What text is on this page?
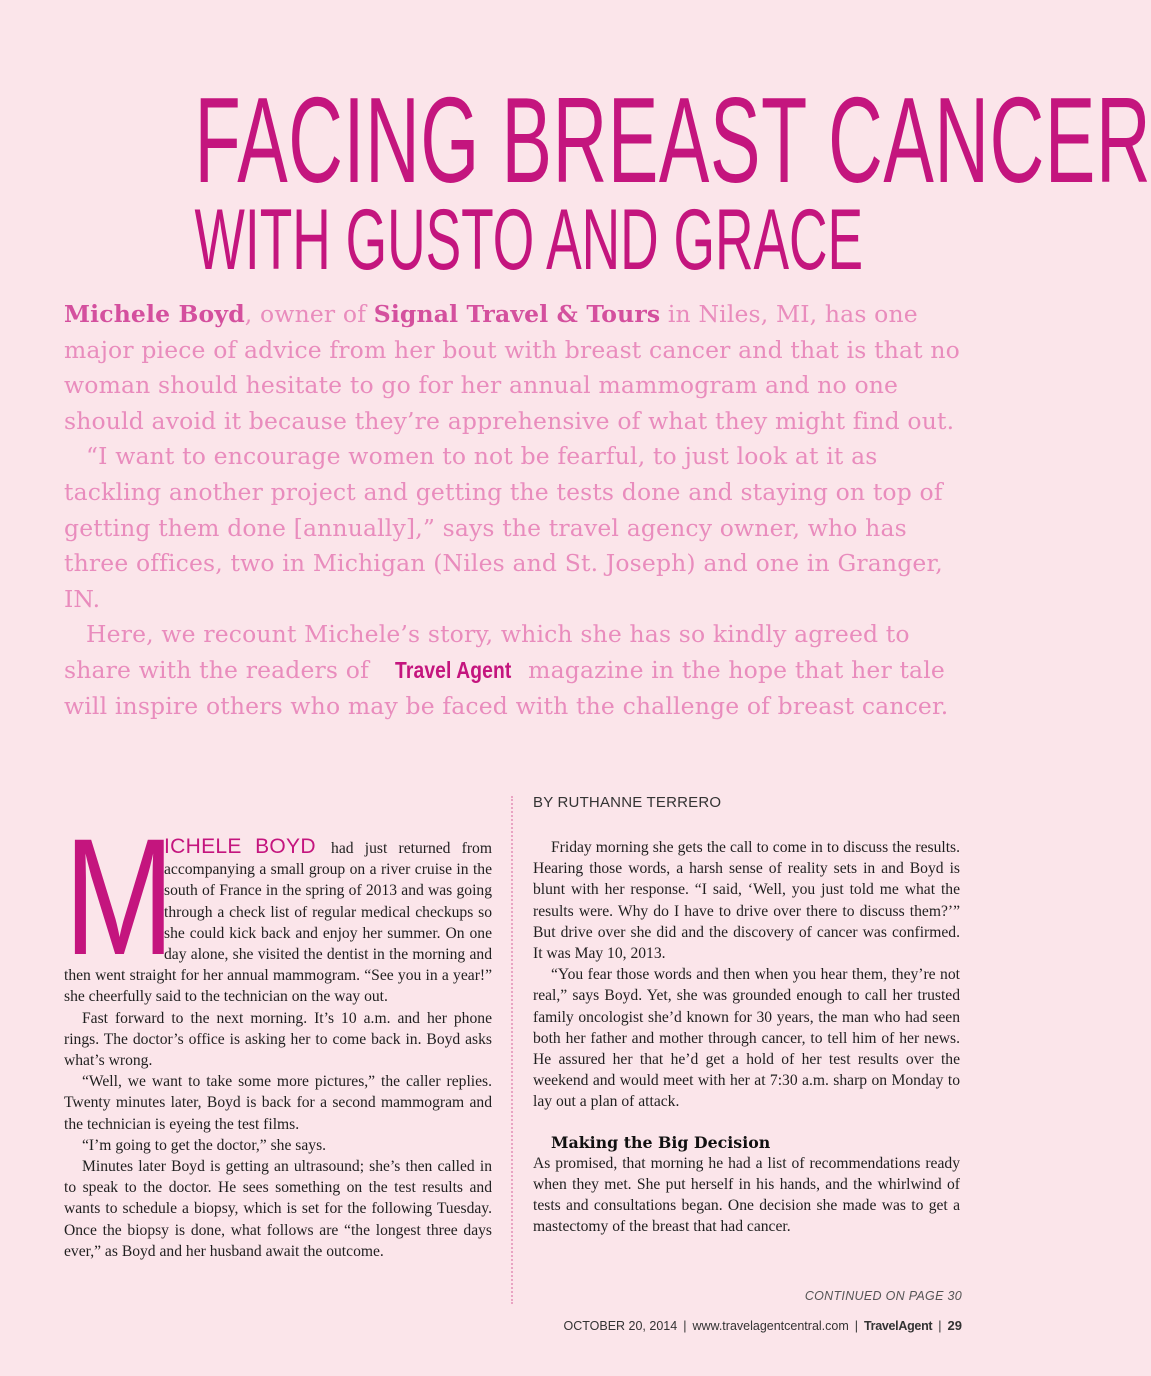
FACING BREAST CANCER
WITH GUSTO AND GRACE

Michele Boyd, owner of Signal Travel & Tours in Niles, MI, has one major piece of advice from her bout with breast cancer and that is that no woman should hesitate to go for her annual mammogram and no one should avoid it because they’re apprehensive of what they might find out.

“I want to encourage women to not be fearful, to just look at it as tackling another project and getting the tests done and staying on top of getting them done [annually],” says the travel agency owner, who has three offices, two in Michigan (Niles and St. Joseph) and one in Granger, IN.

Here, we recount Michele’s story, which she has so kindly agreed to share with the readers of Travel Agent magazine in the hope that her tale will inspire others who may be faced with the challenge of breast cancer.

BY RUTHANNE TERRERO

M
ICHELE BOYD had just returned from accompanying a small group on a river cruise in the south of France in the spring of 2013 and was going through a check list of regular medical checkups so she could kick back and enjoy her summer. On one day alone, she visited the dentist in the morning and then went straight for her annual mammogram. “See you in a year!” she cheerfully said to the technician on the way out.

Fast forward to the next morning. It’s 10 a.m. and her phone rings. The doctor’s office is asking her to come back in. Boyd asks what’s wrong.

“Well, we want to take some more pictures,” the caller replies. Twenty minutes later, Boyd is back for a second mammogram and the technician is eyeing the test films.

“I’m going to get the doctor,” she says.

Minutes later Boyd is getting an ultrasound; she’s then called in to speak to the doctor. He sees something on the test results and wants to schedule a biopsy, which is set for the following Tuesday. Once the biopsy is done, what follows are “the longest three days ever,” as Boyd and her husband await the outcome.

Friday morning she gets the call to come in to discuss the results. Hearing those words, a harsh sense of reality sets in and Boyd is blunt with her response. “I said, ‘Well, you just told me what the results were. Why do I have to drive over there to discuss them?’” But drive over she did and the discovery of cancer was confirmed. It was May 10, 2013.

“You fear those words and then when you hear them, they’re not real,” says Boyd. Yet, she was grounded enough to call her trusted family oncologist she’d known for 30 years, the man who had seen both her father and mother through cancer, to tell him of her news. He assured her that he’d get a hold of her test results over the weekend and would meet with her at 7:30 a.m. sharp on Monday to lay out a plan of attack.

Making the Big Decision

As promised, that morning he had a list of recommendations ready when they met. She put herself in his hands, and the whirlwind of tests and consultations began. One decision she made was to get a mastectomy of the breast that had cancer.

CONTINUED ON PAGE 30
OCTOBER 20, 2014 | www.travelagentcentral.com | TravelAgent | 29
